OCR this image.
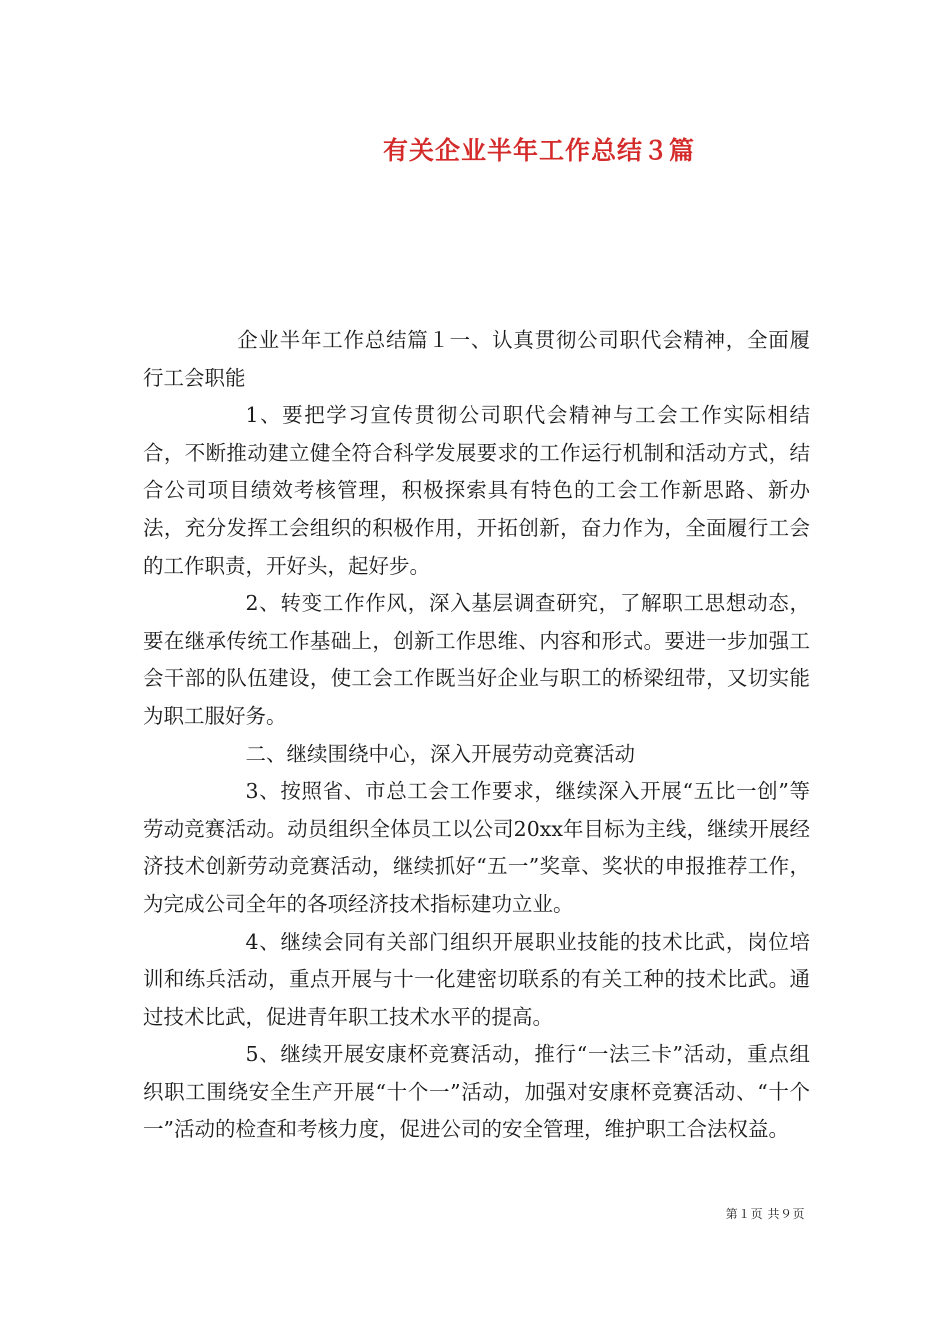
有关企业半年工作总结３篇

企业半年工作总结篇１一、认真贯彻公司职代会精神，全面履行工会职能

1、要把学习宣传贯彻公司职代会精神与工会工作实际相结合，不断推动建立健全符合科学发展要求的工作运行机制和活动方式，结合公司项目绩效考核管理，积极探索具有特色的工会工作新思路、新办法，充分发挥工会组织的积极作用，开拓创新，奋力作为，全面履行工会的工作职责，开好头，起好步。

2、转变工作作风，深入基层调查研究，了解职工思想动态，要在继承传统工作基础上，创新工作思维、内容和形式。要进一步加强工会干部的队伍建设，使工会工作既当好企业与职工的桥梁纽带，又切实能为职工服好务。

二、继续围绕中心，深入开展劳动竞赛活动

3、按照省、市总工会工作要求，继续深入开展“五比一创”等劳动竞赛活动。动员组织全体员工以公司20xx年目标为主线，继续开展经济技术创新劳动竞赛活动，继续抓好“五一”奖章、奖状的申报推荐工作，为完成公司全年的各项经济技术指标建功立业。

4、继续会同有关部门组织开展职业技能的技术比武，岗位培训和练兵活动，重点开展与十一化建密切联系的有关工种的技术比武。通过技术比武，促进青年职工技术水平的提高。

5、继续开展安康杯竞赛活动，推行“一法三卡”活动，重点组织职工围绕安全生产开展“十个一”活动，加强对安康杯竞赛活动、“十个一”活动的检查和考核力度，促进公司的安全管理，维护职工合法权益。

第１页 共９页
